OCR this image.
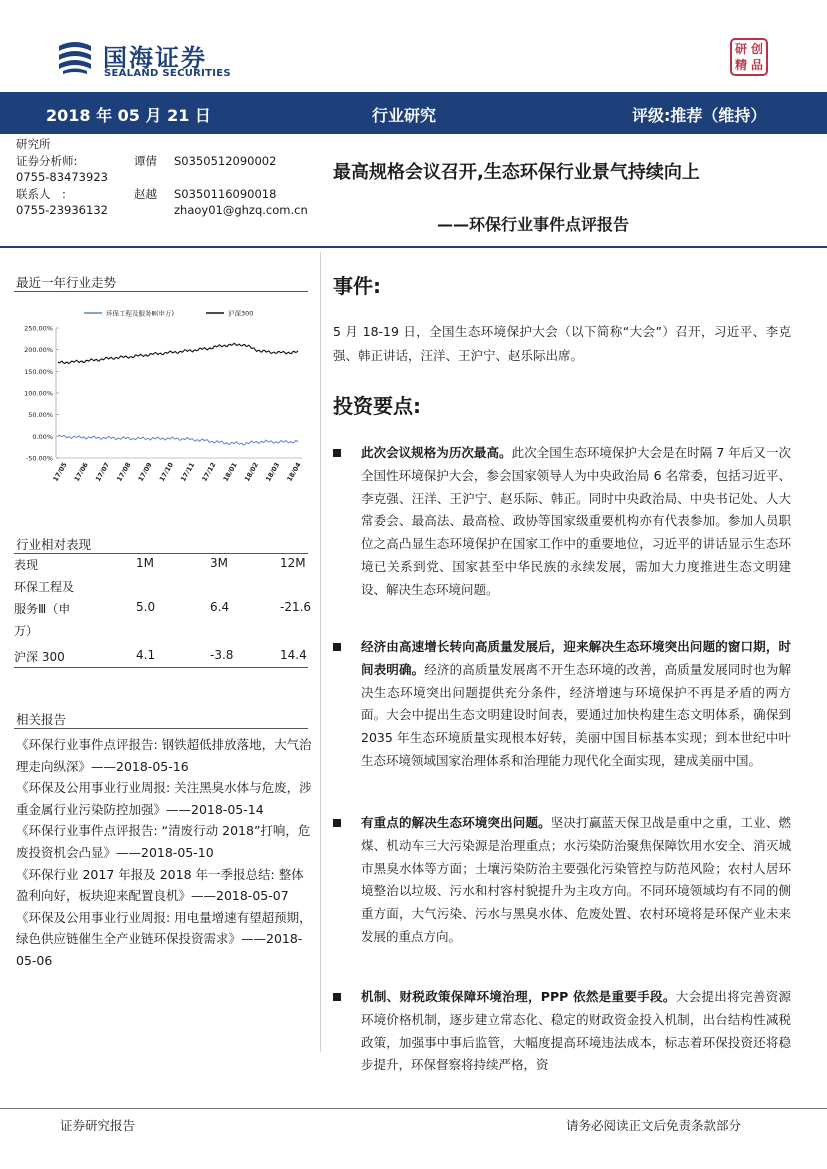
国海证券
SEALAND SECURITIES
研 创
精 品
2018 年 05 月 21 日	行业研究	评级:推荐（维持）
研究所
证券分析师:	谭倩 S0350512090002
0755-83473923
联系人　:	赵越 S0350116090018
0755-23936132	zhaoy01@ghzq.com.cn
最高规格会议召开,生态环保行业景气持续向上
——环保行业事件点评报告
最近一年行业走势
250.00%
200.00%
150.00%
100.00%
50.00%
0.00%
-50.00%
17/05 17/06 17/07 17/08 17/09 17/10 17/11 17/12 18/01 18/02 18/03 18/04
环保工程及服务Ⅲ(申万)	沪深300
行业相对表现
表现	1M	3M	12M
环保工程及
服务Ⅲ（申	5.0	6.4	-21.6
万）
沪深 300	4.1	-3.8	14.4
相关报告
《环保行业事件点评报告: 钢铁超低排放落地，大气治理走向纵深》——2018-05-16
《环保及公用事业行业周报: 关注黑臭水体与危废，涉重金属行业污染防控加强》——2018-05-14
《环保行业事件点评报告: “清废行动 2018”打响，危废投资机会凸显》——2018-05-10
《环保行业 2017 年报及 2018 年一季报总结: 整体盈利向好，板块迎来配置良机》——2018-05-07
《环保及公用事业行业周报: 用电量增速有望超预期，绿色供应链催生全产业链环保投资需求》——2018-05-06
事件:
5 月 18-19 日，全国生态环境保护大会（以下简称“大会”）召开，习近平、李克强、韩正讲话，汪洋、王沪宁、赵乐际出席。
投资要点:
此次会议规格为历次最高。此次全国生态环境保护大会是在时隔 7 年后又一次全国性环境保护大会，参会国家领导人为中央政治局 6 名常委，包括习近平、李克强、汪洋、王沪宁、赵乐际、韩正。同时中央政治局、中央书记处、人大常委会、最高法、最高检、政协等国家级重要机构亦有代表参加。参加人员职位之高凸显生态环境保护在国家工作中的重要地位，习近平的讲话显示生态环境已关系到党、国家甚至中华民族的永续发展，需加大力度推进生态文明建设、解决生态环境问题。
经济由高速增长转向高质量发展后，迎来解决生态环境突出问题的窗口期，时间表明确。经济的高质量发展离不开生态环境的改善，高质量发展同时也为解决生态环境突出问题提供充分条件，经济增速与环境保护不再是矛盾的两方面。大会中提出生态文明建设时间表，要通过加快构建生态文明体系，确保到 2035 年生态环境质量实现根本好转，美丽中国目标基本实现；到本世纪中叶生态环境领域国家治理体系和治理能力现代化全面实现，建成美丽中国。
有重点的解决生态环境突出问题。坚决打赢蓝天保卫战是重中之重，工业、燃煤、机动车三大污染源是治理重点；水污染防治聚焦保障饮用水安全、消灭城市黑臭水体等方面；土壤污染防治主要强化污染管控与防范风险；农村人居环境整治以垃圾、污水和村容村貌提升为主攻方向。不同环境领域均有不同的侧重方面，大气污染、污水与黑臭水体、危废处置、农村环境将是环保产业未来发展的重点方向。
机制、财税政策保障环境治理，PPP 依然是重要手段。大会提出将完善资源环境价格机制，逐步建立常态化、稳定的财政资金投入机制，出台结构性减税政策，加强事中事后监管，大幅度提高环境违法成本，标志着环保投资还将稳步提升，环保督察将持续严格，资
证券研究报告	请务必阅读正文后免责条款部分
